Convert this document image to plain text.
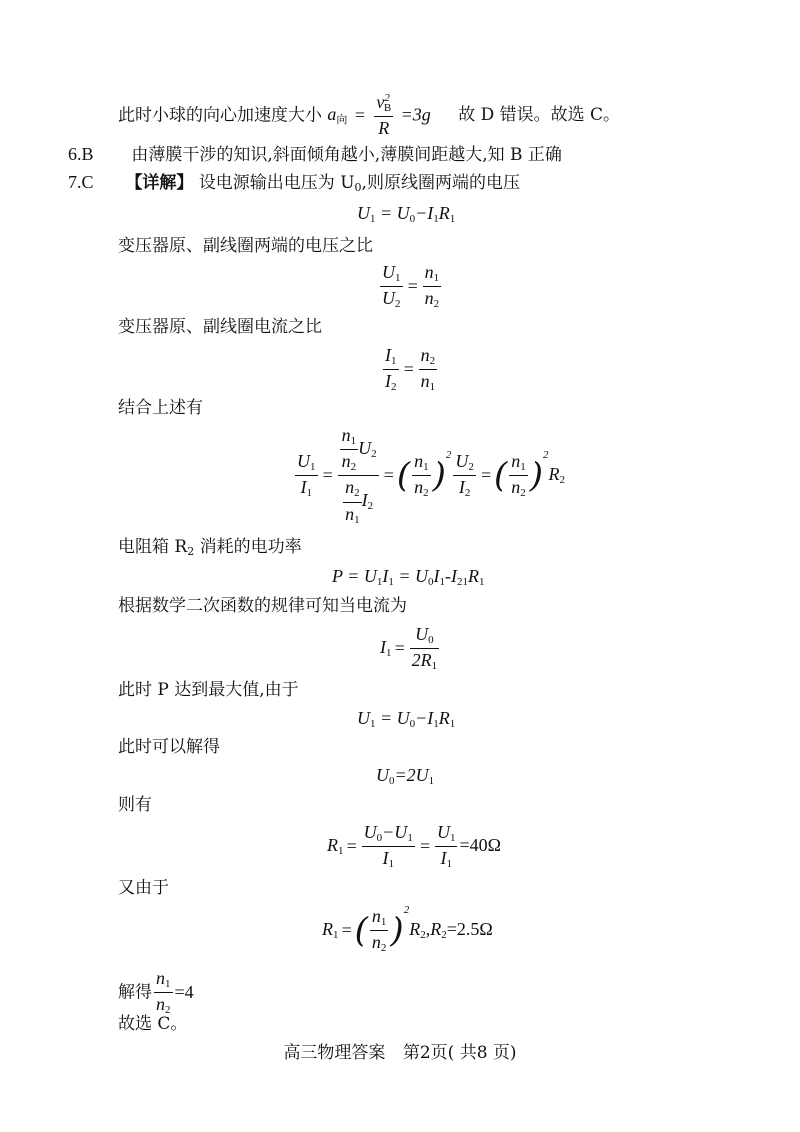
此时小球的向心加速度大小 $a_向 = \frac{v^2_B}{R} =3g$ 故 D 错误。故选 C。
6.B 由薄膜干涉的知识,斜面倾角越小,薄膜间距越大,知 B 正确
7.C 【详解】 设电源输出电压为 $U_0$,则原线圈两端的电压
$U_1 = U_0-I_1R_1$
变压器原、副线圈两端的电压之比
$\frac{U_1}{U_2} = \frac{n_1}{n_2}$
变压器原、副线圈电流之比
$\frac{I_1}{I_2} = \frac{n_2}{n_1}$
结合上述有
$\frac{U_1}{I_1} = \frac{\frac{n_1}{n_2} U_2}{\frac{n_2}{n_1} I_2}$ =( $\frac{n_1}{n_2} )^2 \frac{U_2}{I_2}$ =( $\frac{n_1}{n_2} )^2R_2$
电阻箱 $R_2$ 消耗的电功率
$P = U_1I_1 = U_0I_1-I_{21}R_1$
根据数学二次函数的规律可知当电流为
$I_1 = \frac{U_0}{2R_1}$
此时 P 达到最大值,由于
$U_1 = U_0-I_1R_1$
此时可以解得
$U_0=2U_1$
则有
$R_1 = \frac{U_0-U_1}{I_1} = \frac{U_1}{I_1} =40\Omega$
又由于
$R_1$ =( $\frac{n_1}{n_2} )^2R_2,R_2=2.5\Omega$
解得 $\frac{n_1}{n_2} =4$
故选 C。
高三物理答案 第2页( 共8 页)
